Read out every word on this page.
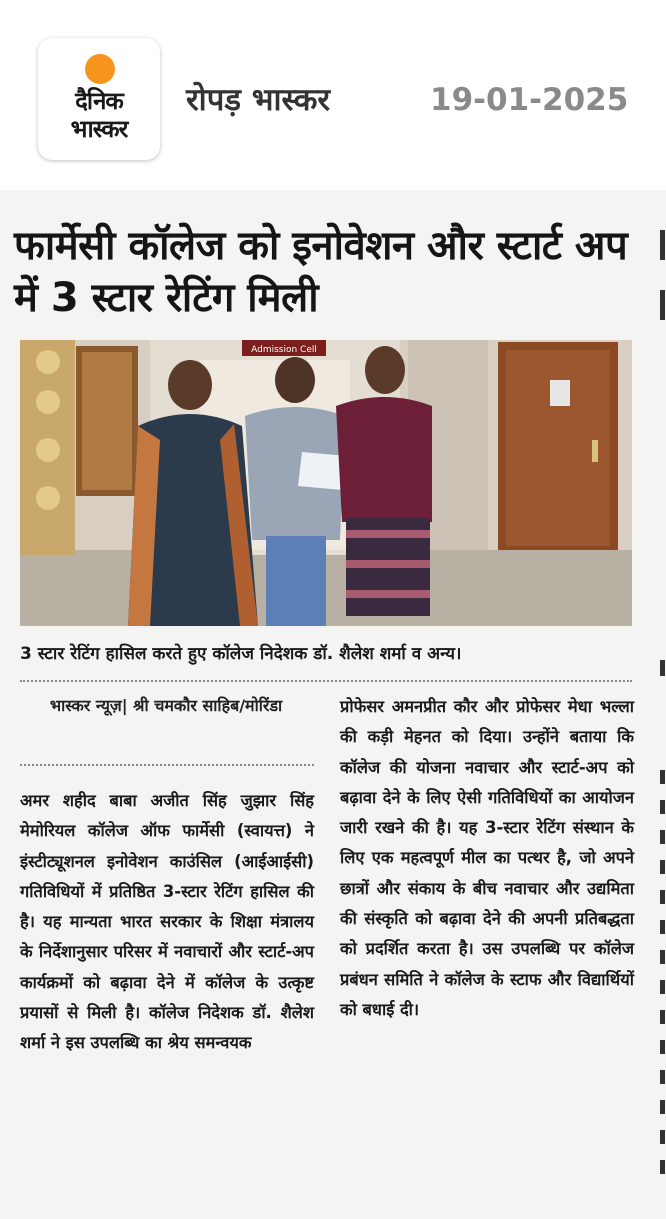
दैनिक
भास्कर
रोपड़ भास्कर	19-01-2025
फार्मेसी कॉलेज को इनोवेशन और स्टार्ट अप में 3 स्टार रेटिंग मिली
Admission Cell
3 स्टार रेटिंग हासिल करते हुए कॉलेज निदेशक डॉ. शैलेश शर्मा व अन्य।
भास्कर न्यूज़| श्री चमकौर साहिब/मोरिंडा
अमर शहीद बाबा अजीत सिंह जुझार सिंह मेमोरियल कॉलेज ऑफ फार्मेसी (स्वायत्त) ने इंस्टीट्यूशनल इनोवेशन काउंसिल (आईआईसी) गतिविधियों में प्रतिष्ठित 3-स्टार रेटिंग हासिल की है। यह मान्यता भारत सरकार के शिक्षा मंत्रालय के निर्देशानुसार परिसर में नवाचारों और स्टार्ट-अप कार्यक्रमों को बढ़ावा देने में कॉलेज के उत्कृष्ट प्रयासों से मिली है। कॉलेज निदेशक डॉ. शैलेश शर्मा ने इस उपलब्धि का श्रेय समन्वयक
प्रोफेसर अमनप्रीत कौर और प्रोफेसर मेधा भल्ला की कड़ी मेहनत को दिया। उन्होंने बताया कि कॉलेज की योजना नवाचार और स्टार्ट-अप को बढ़ावा देने के लिए ऐसी गतिविधियों का आयोजन जारी रखने की है। यह 3-स्टार रेटिंग संस्थान के लिए एक महत्वपूर्ण मील का पत्थर है, जो अपने छात्रों और संकाय के बीच नवाचार और उद्यमिता की संस्कृति को बढ़ावा देने की अपनी प्रतिबद्धता को प्रदर्शित करता है। उस उपलब्धि पर कॉलेज प्रबंधन समिति ने कॉलेज के स्टाफ और विद्यार्थियों को बधाई दी।
